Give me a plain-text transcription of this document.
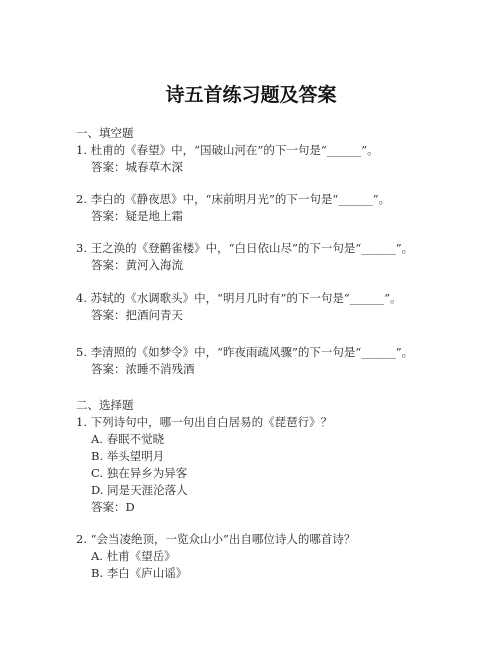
诗五首练习题及答案
一、填空题
1. 杜甫的《春望》中，“国破山河在”的下一句是“______”。
答案：城春草木深
2. 李白的《静夜思》中，“床前明月光”的下一句是“______”。
答案：疑是地上霜
3. 王之涣的《登鹳雀楼》中，“白日依山尽”的下一句是“______”。
答案：黄河入海流
4. 苏轼的《水调歌头》中，“明月几时有”的下一句是“______”。
答案：把酒问青天
5. 李清照的《如梦令》中，“昨夜雨疏风骤”的下一句是“______”。
答案：浓睡不消残酒
二、选择题
1. 下列诗句中，哪一句出自白居易的《琵琶行》？
A. 春眠不觉晓
B. 举头望明月
C. 独在异乡为异客
D. 同是天涯沦落人
答案：D
2. “会当凌绝顶，一览众山小”出自哪位诗人的哪首诗？
A. 杜甫《望岳》
B. 李白《庐山谣》
